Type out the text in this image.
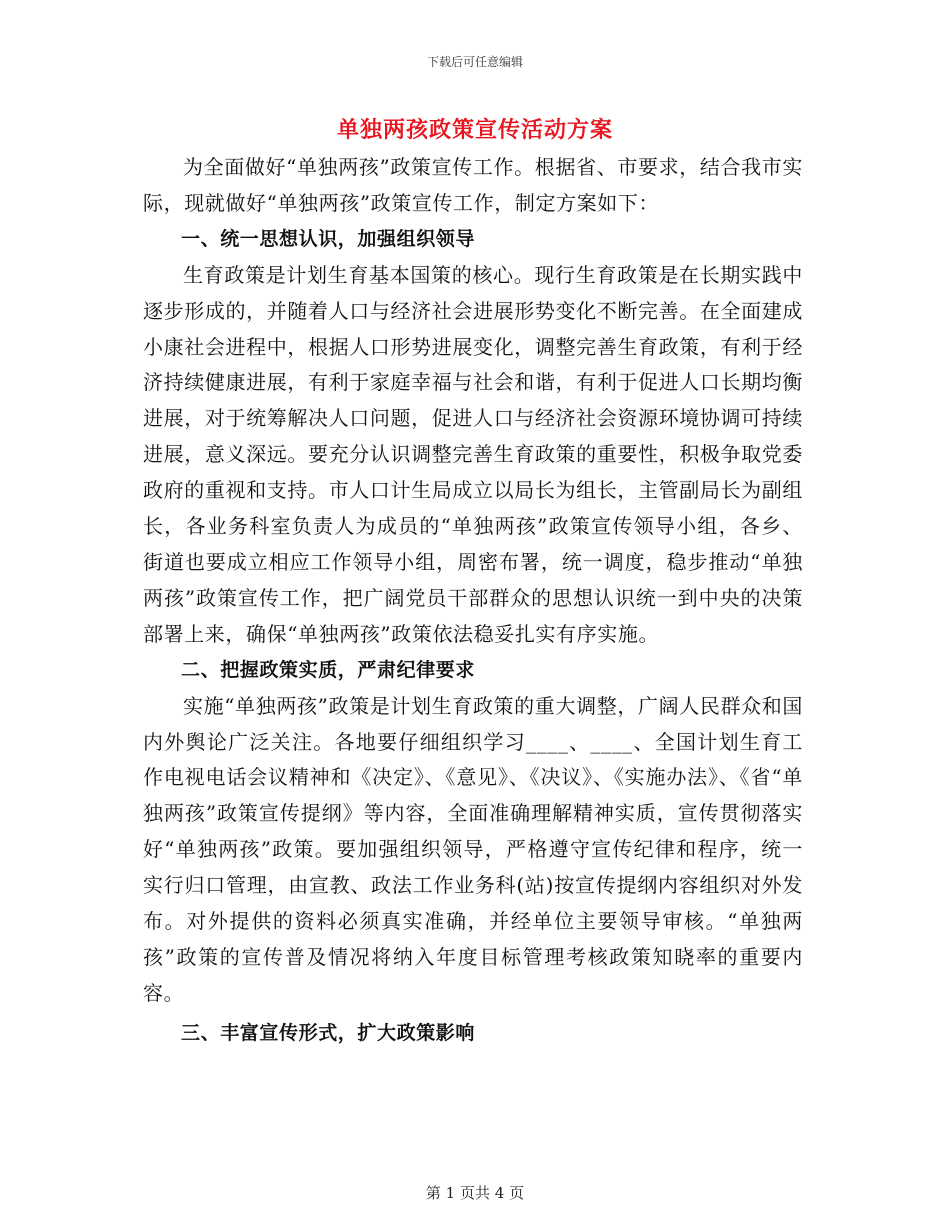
下载后可任意编辑
单独两孩政策宣传活动方案

为全面做好“单独两孩”政策宣传工作。根据省、市要求，结合我市实际，现就做好“单独两孩”政策宣传工作，制定方案如下：

一、统一思想认识，加强组织领导

生育政策是计划生育基本国策的核心。现行生育政策是在长期实践中逐步形成的，并随着人口与经济社会进展形势变化不断完善。在全面建成小康社会进程中，根据人口形势进展变化，调整完善生育政策，有利于经济持续健康进展，有利于家庭幸福与社会和谐，有利于促进人口长期均衡进展，对于统筹解决人口问题，促进人口与经济社会资源环境协调可持续进展，意义深远。要充分认识调整完善生育政策的重要性，积极争取党委政府的重视和支持。市人口计生局成立以局长为组长，主管副局长为副组长，各业务科室负责人为成员的“单独两孩”政策宣传领导小组，各乡、街道也要成立相应工作领导小组，周密布署，统一调度，稳步推动“单独两孩”政策宣传工作，把广阔党员干部群众的思想认识统一到中央的决策部署上来，确保“单独两孩”政策依法稳妥扎实有序实施。

二、把握政策实质，严肃纪律要求

实施“单独两孩”政策是计划生育政策的重大调整，广阔人民群众和国内外舆论广泛关注。各地要仔细组织学习____、____、全国计划生育工作电视电话会议精神和《决定》、《意见》、《决议》、《实施办法》、《省“单独两孩”政策宣传提纲》等内容，全面准确理解精神实质，宣传贯彻落实好“单独两孩”政策。要加强组织领导，严格遵守宣传纪律和程序，统一实行归口管理，由宣教、政法工作业务科(站)按宣传提纲内容组织对外发布。对外提供的资料必须真实准确，并经单位主要领导审核。“单独两孩”政策的宣传普及情况将纳入年度目标管理考核政策知晓率的重要内容。

三、丰富宣传形式，扩大政策影响

第 1 页共 4 页
